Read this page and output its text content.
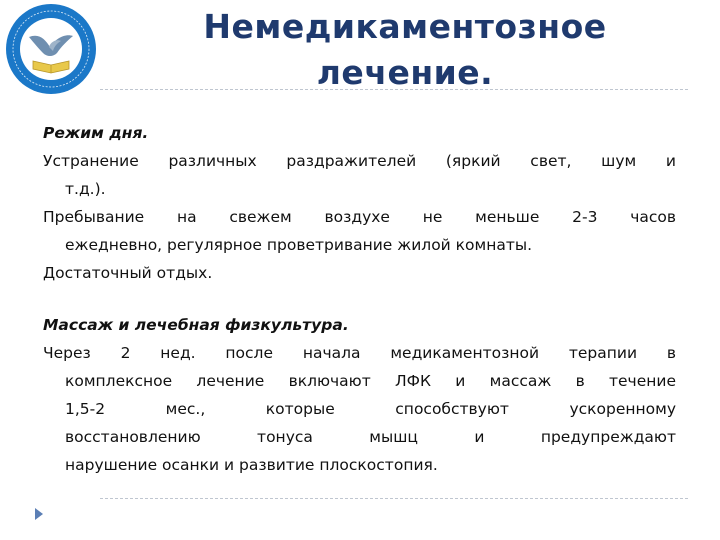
Немедикаментозное
лечение.
Режим дня.
Устранение различных раздражителей (яркий свет, шум и
т.д.).
Пребывание на свежем воздухе не меньше 2-3 часов
ежедневно, регулярное проветривание жилой комнаты.
Достаточный отдых.
Массаж и лечебная физкультура.
Через 2 нед. после начала медикаментозной терапии в
комплексное лечение включают ЛФК и массаж в течение
1,5-2 мес., которые способствуют ускоренному
восстановлению тонуса мышц и предупреждают
нарушение осанки и развитие плоскостопия.
